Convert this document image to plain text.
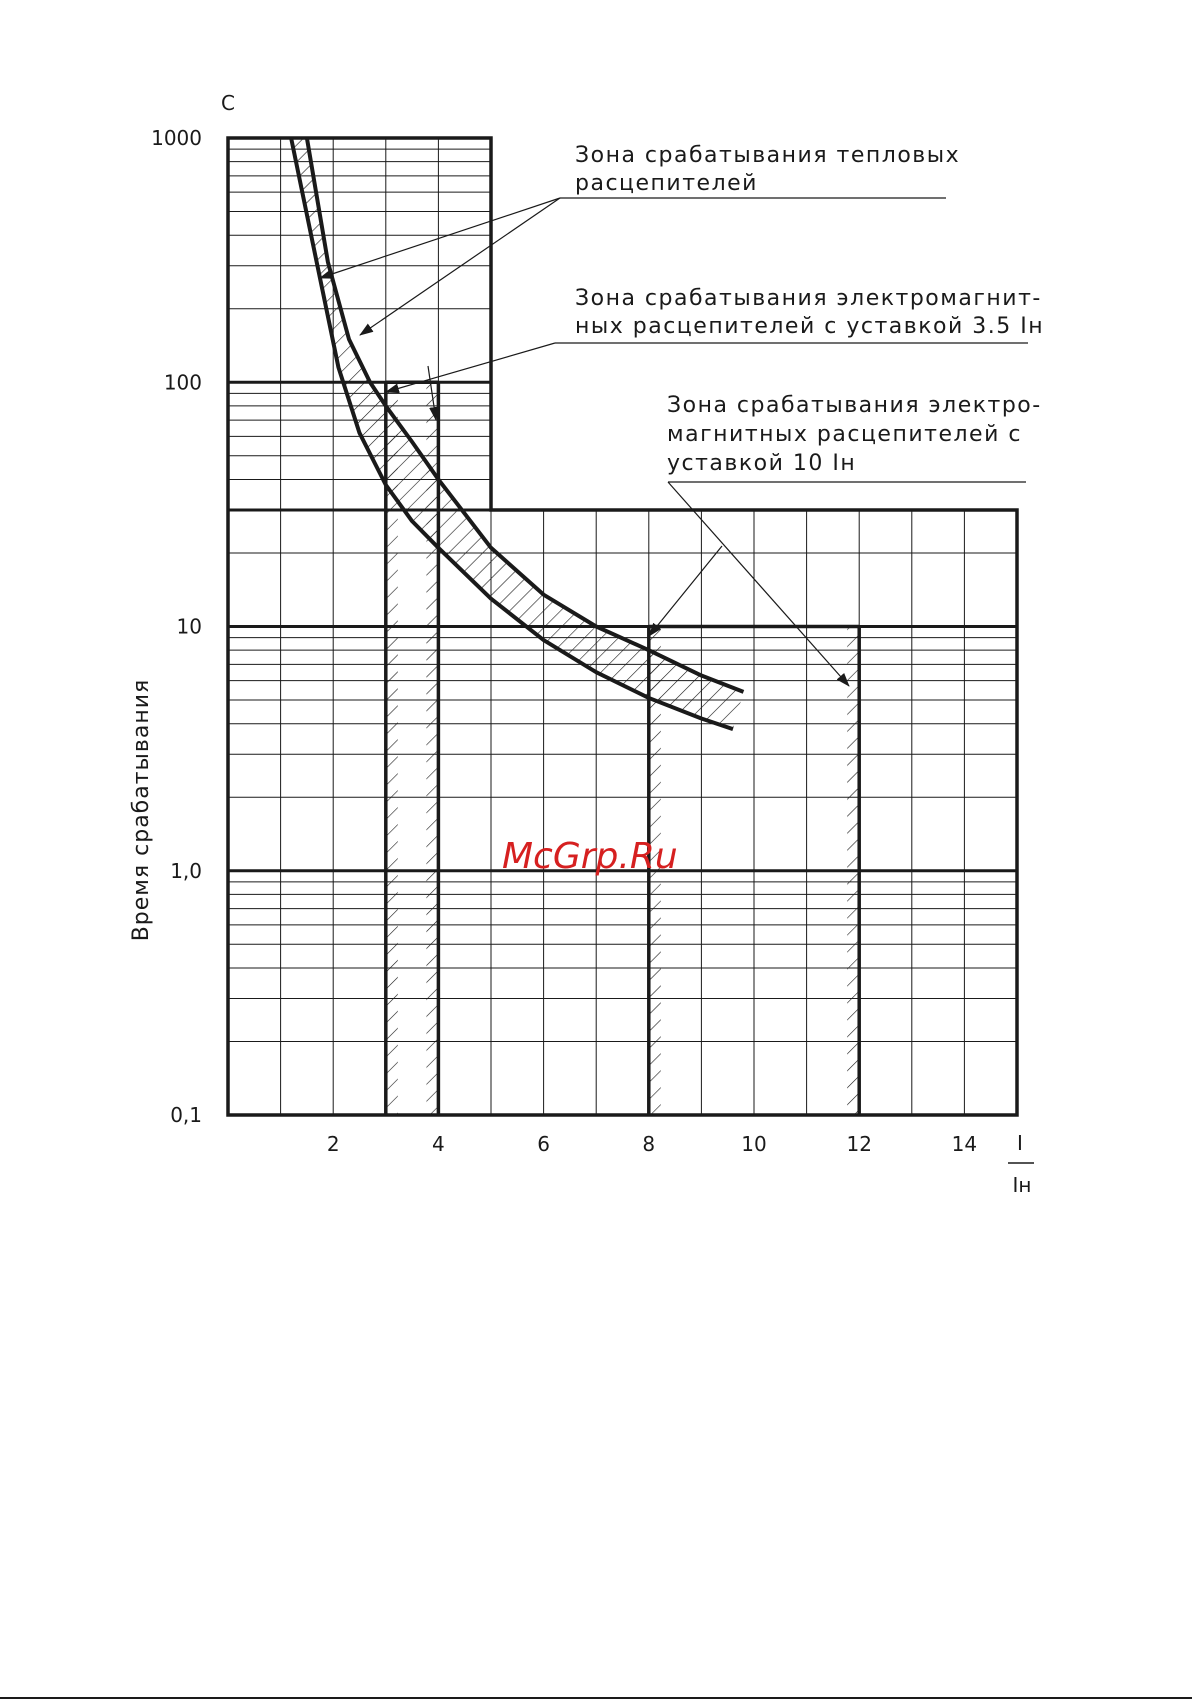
С
Время срабатывания
I
Iн
2	4	6	8	10	12	14
1000
100
10
1,0
0,1
Зона срабатывания тепловых
расцепителей
Зона срабатывания электромагнит-
ных расцепителей с уставкой 3.5 Iн
Зона срабатывания электро-
магнитных расцепителей с
уставкой 10 Iн
McGrp.Ru
